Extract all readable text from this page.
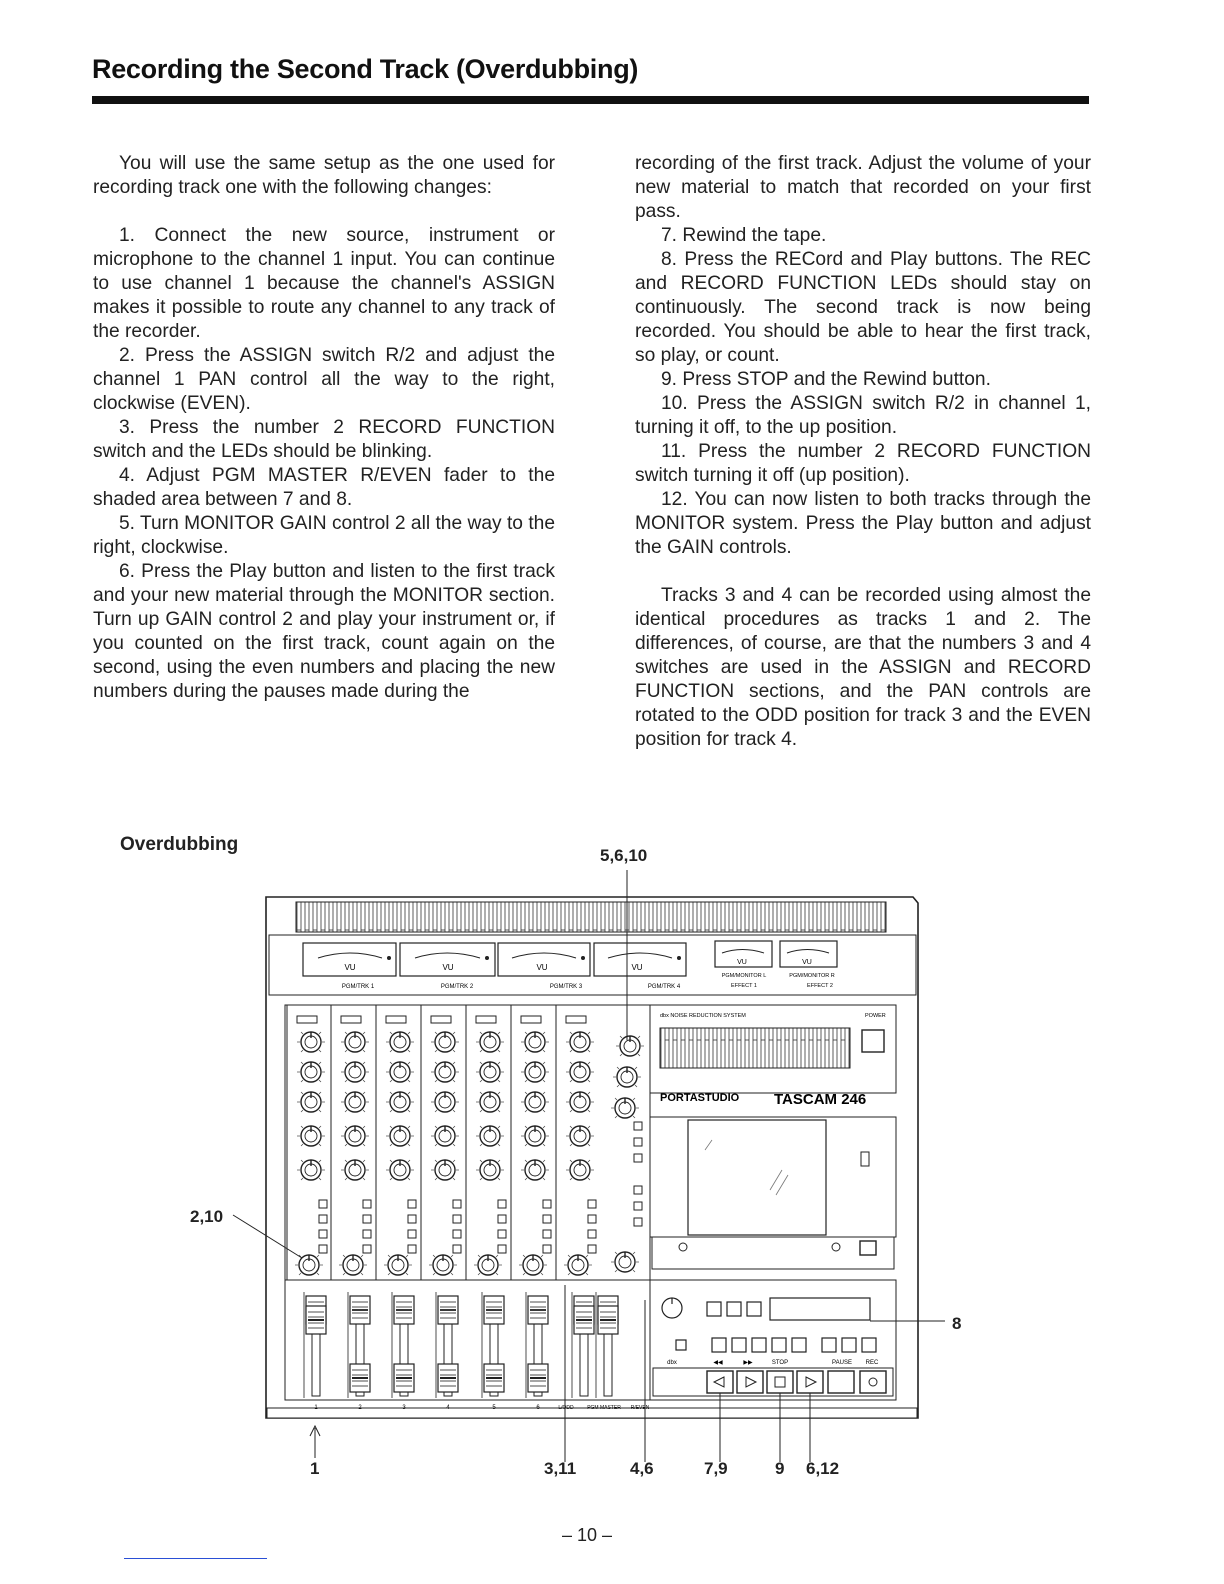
Recording the Second Track (Overdubbing)

You will use the same setup as the one used for recording track one with the following changes:

1. Connect the new source, instrument or microphone to the channel 1 input. You can continue to use channel 1 because the channel's ASSIGN makes it possible to route any channel to any track of the recorder.

2. Press the ASSIGN switch R/2 and adjust the channel 1 PAN control all the way to the right, clockwise (EVEN).

3. Press the number 2 RECORD FUNCTION switch and the LEDs should be blinking.

4. Adjust PGM MASTER R/EVEN fader to the shaded area between 7 and 8.

5. Turn MONITOR GAIN control 2 all the way to the right, clockwise.

6. Press the Play button and listen to the first track and your new material through the MONITOR section. Turn up GAIN control 2 and play your instrument or, if you counted on the first track, count again on the second, using the even numbers and placing the new numbers during the pauses made during the

recording of the first track. Adjust the volume of your new material to match that recorded on your first pass.

7. Rewind the tape.

8. Press the RECord and Play buttons. The REC and RECORD FUNCTION LEDs should stay on continuously. The second track is now being recorded. You should be able to hear the first track, so play, or count.

9. Press STOP and the Rewind button.

10. Press the ASSIGN switch R/2 in channel 1, turning it off, to the up position.

11. Press the number 2 RECORD FUNCTION switch turning it off (up position).

12. You can now listen to both tracks through the MONITOR system. Press the Play button and adjust the GAIN controls.

Tracks 3 and 4 can be recorded using almost the identical procedures as tracks 1 and 2. The differences, of course, are that the numbers 3 and 4 switches are used in the ASSIGN and RECORD FUNCTION sections, and the PAN controls are rotated to the ODD position for track 3 and the EVEN position for track 4.

Overdubbing
VU
PGM/TRK 1
VU
PGM/TRK 2
VU
PGM/TRK 3
VU
PGM/TRK 4
VU
PGM/MONITOR L
EFFECT 1
VU
PGM/MONITOR R
EFFECT 2
dbx NOISE REDUCTION SYSTEM	POWER
PORTASTUDIO TASCAM 246
1	2	3	4	5	6	L/ODD	PGM MASTER R/EVEN
dbx	◀◀	▶▶	STOP	PAUSE REC
5,6,10
2,10
8
1	3,11	4,6	7,9	9 6,12
– 10 –
